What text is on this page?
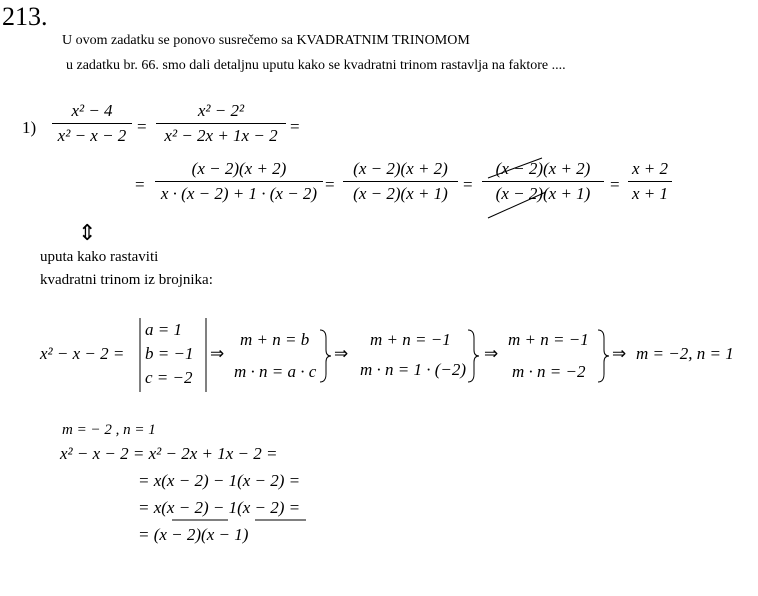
213.
U ovom zadatku se ponovo susrečemo sa KVADRATNIM TRINOMOM
u zadatku br. 66. smo dali detaljnu uputu kako se kvadratni trinom rastavlja na faktore ....
1)
x² − 4
x² − x − 2 =
x² − 2²
x² − 2x + 1x − 2 =
=
(x − 2)(x + 2)
x · (x − 2) + 1 · (x − 2) =
(x − 2)(x + 2)
(x − 2)(x + 1) =
(x − 2)(x + 2)
(x − 2)(x + 1)	=
x + 2
x + 1
⇕
uputa kako rastaviti
kvadratni trinom iz brojnika:
x² − x − 2 =
a = 1
b = −1
c = −2
⇒
m + n = b
m · n = a · c
⇒
m + n = −1
m · n = 1 · (−2)
⇒
m + n = −1
m · n = −2
⇒ m = −2, n = 1
m = − 2 , n = 1
x² − x − 2 = x² − 2x + 1x − 2 =
= x(x − 2) − 1(x − 2) =
= x(x − 2) − 1(x − 2) =
= (x − 2)(x − 1)
